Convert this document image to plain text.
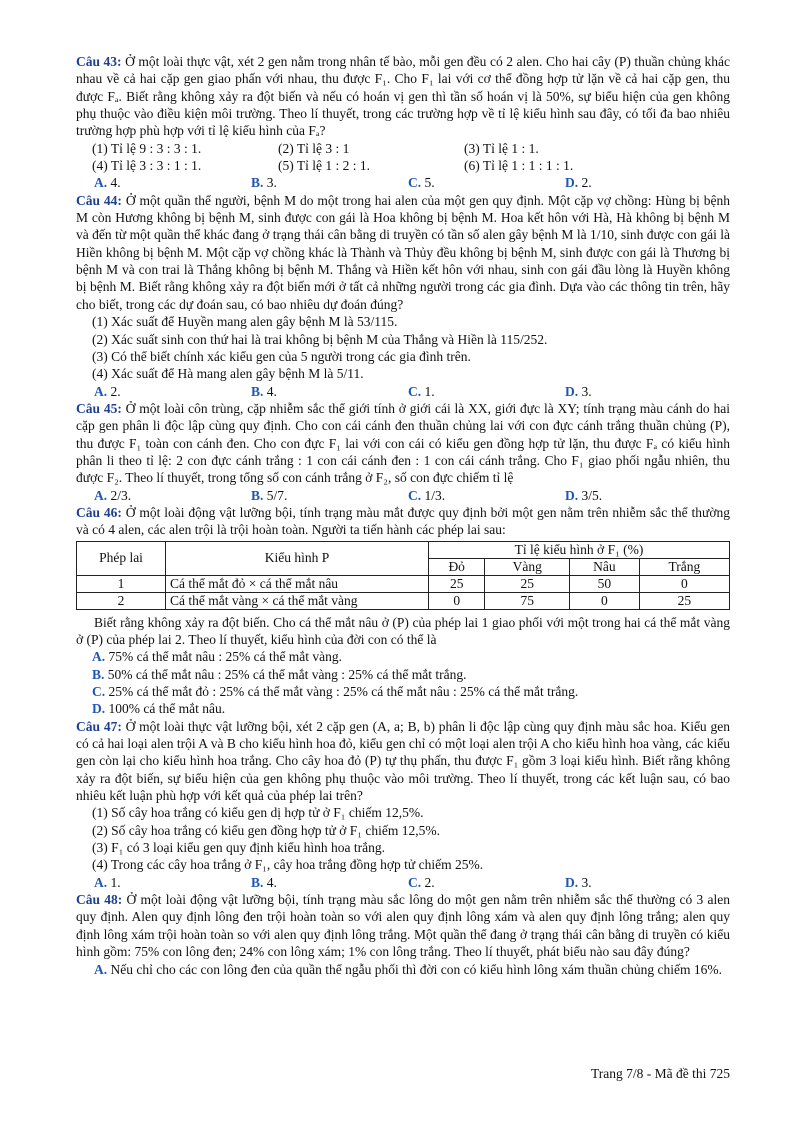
Câu 43: Ở một loài thực vật, xét 2 gen nằm trong nhân tế bào, mỗi gen đều có 2 alen. Cho hai cây (P) thuần chủng khác nhau về cả hai cặp gen giao phấn với nhau, thu được F₁. Cho F₁ lai với cơ thể đồng hợp tử lặn về cả hai cặp gen, thu được Fₐ. Biết rằng không xảy ra đột biến và nếu có hoán vị gen thì tần số hoán vị là 50%, sự biểu hiện của gen không phụ thuộc vào điều kiện môi trường. Theo lí thuyết, trong các trường hợp về tỉ lệ kiểu hình sau đây, có tối đa bao nhiêu trường hợp phù hợp với tỉ lệ kiểu hình của Fₐ?

(1) Tỉ lệ 9 : 3 : 3 : 1.	(2) Tỉ lệ 3 : 1	(3) Tỉ lệ 1 : 1.
(4) Tỉ lệ 3 : 3 : 1 : 1.	(5) Tỉ lệ 1 : 2 : 1.	(6) Tỉ lệ 1 : 1 : 1 : 1.
A. 4.	B. 3.	C. 5.	D. 2.

Câu 44: Ở một quần thể người, bệnh M do một trong hai alen của một gen quy định. Một cặp vợ chồng: Hùng bị bệnh M còn Hương không bị bệnh M, sinh được con gái là Hoa không bị bệnh M. Hoa kết hôn với Hà, Hà không bị bệnh M và đến từ một quần thể khác đang ở trạng thái cân bằng di truyền có tần số alen gây bệnh M là 1/10, sinh được con gái là Hiền không bị bệnh M. Một cặp vợ chồng khác là Thành và Thủy đều không bị bệnh M, sinh được con gái là Thương bị bệnh M và con trai là Thắng không bị bệnh M. Thắng và Hiền kết hôn với nhau, sinh con gái đầu lòng là Huyền không bị bệnh M. Biết rằng không xảy ra đột biến mới ở tất cả những người trong các gia đình. Dựa vào các thông tin trên, hãy cho biết, trong các dự đoán sau, có bao nhiêu dự đoán đúng?

(1) Xác suất để Huyền mang alen gây bệnh M là 53/115.

(2) Xác suất sinh con thứ hai là trai không bị bệnh M của Thắng và Hiền là 115/252.

(3) Có thể biết chính xác kiểu gen của 5 người trong các gia đình trên.

(4) Xác suất để Hà mang alen gây bệnh M là 5/11.

A. 2.	B. 4.	C. 1.	D. 3.

Câu 45: Ở một loài côn trùng, cặp nhiễm sắc thể giới tính ở giới cái là XX, giới đực là XY; tính trạng màu cánh do hai cặp gen phân li độc lập cùng quy định. Cho con cái cánh đen thuần chủng lai với con đực cánh trắng thuần chủng (P), thu được F₁ toàn con cánh đen. Cho con đực F₁ lai với con cái có kiểu gen đồng hợp tử lặn, thu được Fₐ có kiểu hình phân li theo tỉ lệ: 2 con đực cánh trắng : 1 con cái cánh đen : 1 con cái cánh trắng. Cho F₁ giao phối ngẫu nhiên, thu được F₂. Theo lí thuyết, trong tổng số con cánh trắng ở F₂, số con đực chiếm tỉ lệ

A. 2/3.	B. 5/7.	C. 1/3.	D. 3/5.

Câu 46: Ở một loài động vật lưỡng bội, tính trạng màu mắt được quy định bởi một gen nằm trên nhiễm sắc thể thường và có 4 alen, các alen trội là trội hoàn toàn. Người ta tiến hành các phép lai sau:

Phép lai	Kiểu hình P	Tỉ lệ kiểu hình ở F₁ (%)			
		Đỏ	Vàng	Nâu	Trắng
1	Cá thể mắt đỏ × cá thể mắt nâu	25	25	50	0
2	Cá thể mắt vàng × cá thể mắt vàng	0	75	0	25

Biết rằng không xảy ra đột biến. Cho cá thể mắt nâu ở (P) của phép lai 1 giao phối với một trong hai cá thể mắt vàng ở (P) của phép lai 2. Theo lí thuyết, kiểu hình của đời con có thể là

A. 75% cá thể mắt nâu : 25% cá thể mắt vàng.

B. 50% cá thể mắt nâu : 25% cá thể mắt vàng : 25% cá thể mắt trắng.

C. 25% cá thể mắt đỏ : 25% cá thể mắt vàng : 25% cá thể mắt nâu : 25% cá thể mắt trắng.

D. 100% cá thể mắt nâu.

Câu 47: Ở một loài thực vật lưỡng bội, xét 2 cặp gen (A, a; B, b) phân li độc lập cùng quy định màu sắc hoa. Kiểu gen có cả hai loại alen trội A và B cho kiểu hình hoa đỏ, kiểu gen chỉ có một loại alen trội A cho kiểu hình hoa vàng, các kiểu gen còn lại cho kiểu hình hoa trắng. Cho cây hoa đỏ (P) tự thụ phấn, thu được F₁ gồm 3 loại kiểu hình. Biết rằng không xảy ra đột biến, sự biểu hiện của gen không phụ thuộc vào môi trường. Theo lí thuyết, trong các kết luận sau, có bao nhiêu kết luận phù hợp với kết quả của phép lai trên?

(1) Số cây hoa trắng có kiểu gen dị hợp tử ở F₁ chiếm 12,5%.

(2) Số cây hoa trắng có kiểu gen đồng hợp tử ở F₁ chiếm 12,5%.

(3) F₁ có 3 loại kiểu gen quy định kiểu hình hoa trắng.

(4) Trong các cây hoa trắng ở F₁, cây hoa trắng đồng hợp tử chiếm 25%.

A. 1.	B. 4.	C. 2.	D. 3.

Câu 48: Ở một loài động vật lưỡng bội, tính trạng màu sắc lông do một gen nằm trên nhiễm sắc thể thường có 3 alen quy định. Alen quy định lông đen trội hoàn toàn so với alen quy định lông xám và alen quy định lông trắng; alen quy định lông xám trội hoàn toàn so với alen quy định lông trắng. Một quần thể đang ở trạng thái cân bằng di truyền có kiểu hình gồm: 75% con lông đen; 24% con lông xám; 1% con lông trắng. Theo lí thuyết, phát biểu nào sau đây đúng?

A. Nếu chỉ cho các con lông đen của quần thể ngẫu phối thì đời con có kiểu hình lông xám thuần chủng chiếm 16%.

Trang 7/8 - Mã đề thi 725
